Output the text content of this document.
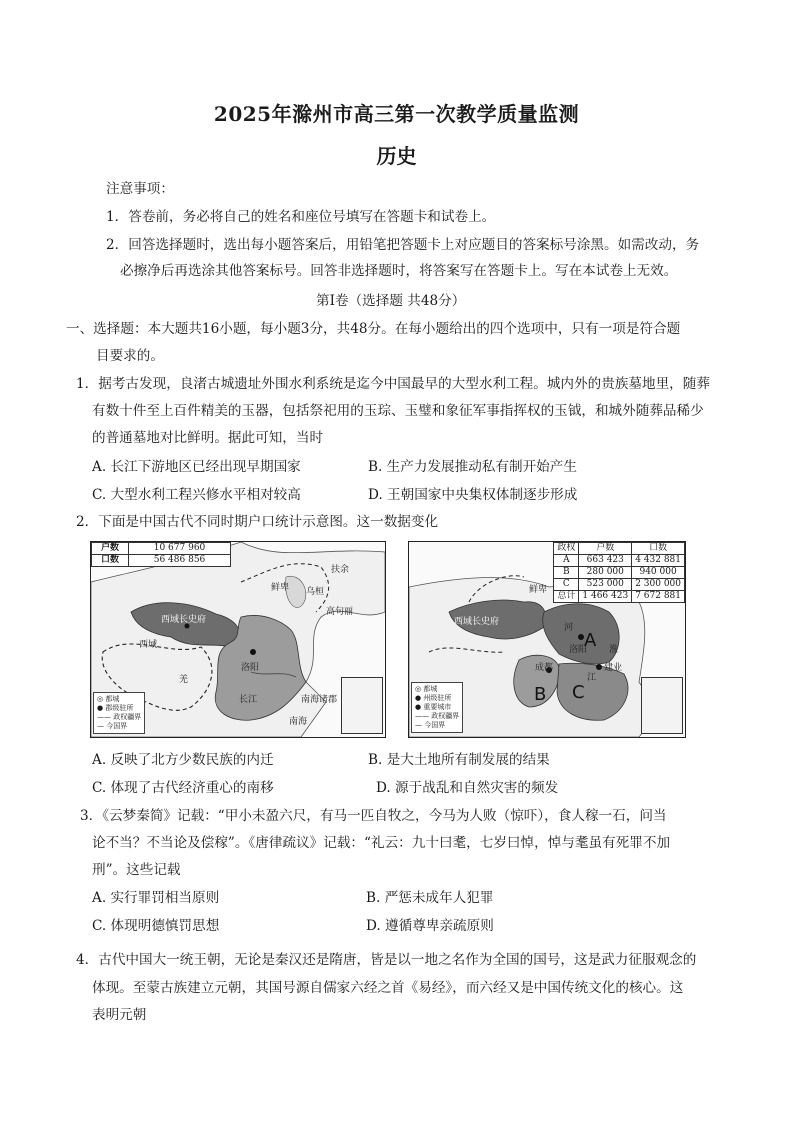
2025年滁州市高三第一次教学质量监测
历史
注意事项：
1．答卷前，务必将自己的姓名和座位号填写在答题卡和试卷上。
2．回答选择题时，选出每小题答案后，用铅笔把答题卡上对应题目的答案标号涂黑。如需改动，务
必擦净后再选涂其他答案标号。回答非选择题时，将答案写在答题卡上。写在本试卷上无效。
第Ⅰ卷（选择题 共48分）
一、选择题：本大题共16小题，每小题3分，共48分。在每小题给出的四个选项中，只有一项是符合题
目要求的。
1．据考古发现，良渚古城遗址外围水利系统是迄今中国最早的大型水利工程。城内外的贵族墓地里，随葬
有数十件至上百件精美的玉器，包括祭祀用的玉琮、玉璧和象征军事指挥权的玉钺，和城外随葬品稀少
的普通墓地对比鲜明。据此可知，当时
A. 长江下游地区已经出现早期国家	B. 生产力发展推动私有制开始产生
C. 大型水利工程兴修水平相对较高	D. 王朝国家中央集权体制逐步形成
2．下面是中国古代不同时期户口统计示意图。这一数据变化
户数	10 677 960
口数	56 486 856
西域长史府
西域
洛阳
长江
南海
鲜卑 乌桓
扶余
高句丽
羌
南海诸郡
◎ 都城
● 郡级驻所
—— 政权疆界
— 今国界
政权	户数	口数
A	663 423	4 432 881
B	280 000	940 000
C	523 000	2 300 000
总计	1 466 423	7 672 881
A
B C
西域长史府
鲜卑
成都
洛阳
建业
河
淮
江
◎ 都城
● 州级驻所
● 重要城市
—— 政权疆界
— 今国界
A. 反映了北方少数民族的内迁	B. 是大土地所有制发展的结果
C. 体现了古代经济重心的南移	D. 源于战乱和自然灾害的频发
3．《云梦秦简》记载：“甲小未盈六尺，有马一匹自牧之，今马为人败（惊吓），食人稼一石，问当
论不当？不当论及偿稼”。《唐律疏议》记载：“礼云：九十曰耄，七岁曰悼，悼与耄虽有死罪不加
刑”。这些记载
A. 实行罪罚相当原则	B. 严惩未成年人犯罪
C. 体现明德慎罚思想	D. 遵循尊卑亲疏原则
4．古代中国大一统王朝，无论是秦汉还是隋唐，皆是以一地之名作为全国的国号，这是武力征服观念的
体现。至蒙古族建立元朝，其国号源自儒家六经之首《易经》，而六经又是中国传统文化的核心。这
表明元朝
